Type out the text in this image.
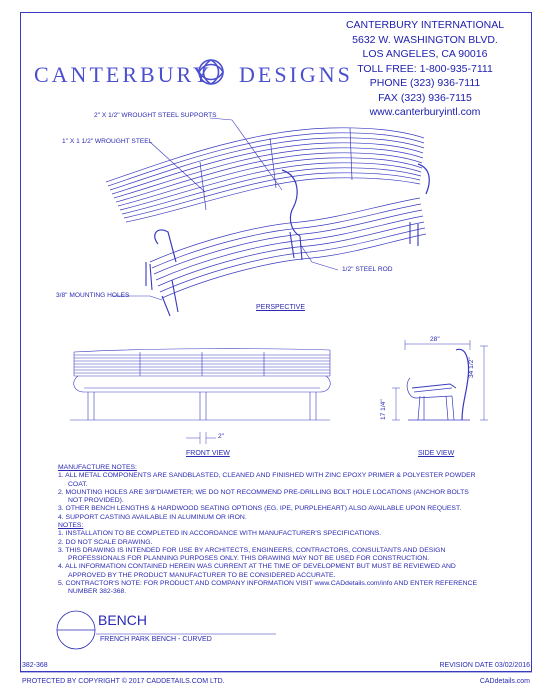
CANTERBURY DESIGNS
CANTERBURY INTERNATIONAL
5632 W. WASHINGTON BLVD.
LOS ANGELES, CA 90016
TOLL FREE: 1-800-935-7111
PHONE (323) 936-7111
FAX (323) 936-7115
www.canterburyintl.com
2" X 1/2" WROUGHT STEEL SUPPORTS
1" X 1 1/2" WROUGHT STEEL
1/2" STEEL ROD
3/8" MOUNTING HOLES
PERSPECTIVE
FRONT VIEW	SIDE VIEW
2"
28"
34 1/2"
17 1/4"
MANUFACTURE NOTES:
1. ALL METAL COMPONENTS ARE SANDBLASTED, CLEANED AND FINISHED WITH ZINC EPOXY PRIMER & POLYESTER POWDER COAT.
2. MOUNTING HOLES ARE 3/8"DIAMETER; WE DO NOT RECOMMEND PRE-DRILLING BOLT HOLE LOCATIONS (ANCHOR BOLTS NOT PROVIDED).
3. OTHER BENCH LENGTHS & HARDWOOD SEATING OPTIONS (EG. IPE, PURPLEHEART) ALSO AVAILABLE UPON REQUEST.
4. SUPPORT CASTING AVAILABLE IN ALUMINUM OR IRON.
NOTES:
1. INSTALLATION TO BE COMPLETED IN ACCORDANCE WITH MANUFACTURER'S SPECIFICATIONS.
2. DO NOT SCALE DRAWING.
3. THIS DRAWING IS INTENDED FOR USE BY ARCHITECTS, ENGINEERS, CONTRACTORS, CONSULTANTS AND DESIGN PROFESSIONALS FOR PLANNING PURPOSES ONLY. THIS DRAWING MAY NOT BE USED FOR CONSTRUCTION.
4. ALL INFORMATION CONTAINED HEREIN WAS CURRENT AT THE TIME OF DEVELOPMENT BUT MUST BE REVIEWED AND APPROVED BY THE PRODUCT MANUFACTURER TO BE CONSIDERED ACCURATE.
5. CONTRACTOR'S NOTE: FOR PRODUCT AND COMPANY INFORMATION VISIT www.CADdetails.com/info AND ENTER REFERENCE NUMBER 382-368.
BENCH
FRENCH PARK BENCH - CURVED
382-368	REVISION DATE 03/02/2016
PROTECTED BY COPYRIGHT © 2017 CADDETAILS.COM LTD.	CADdetails.com
